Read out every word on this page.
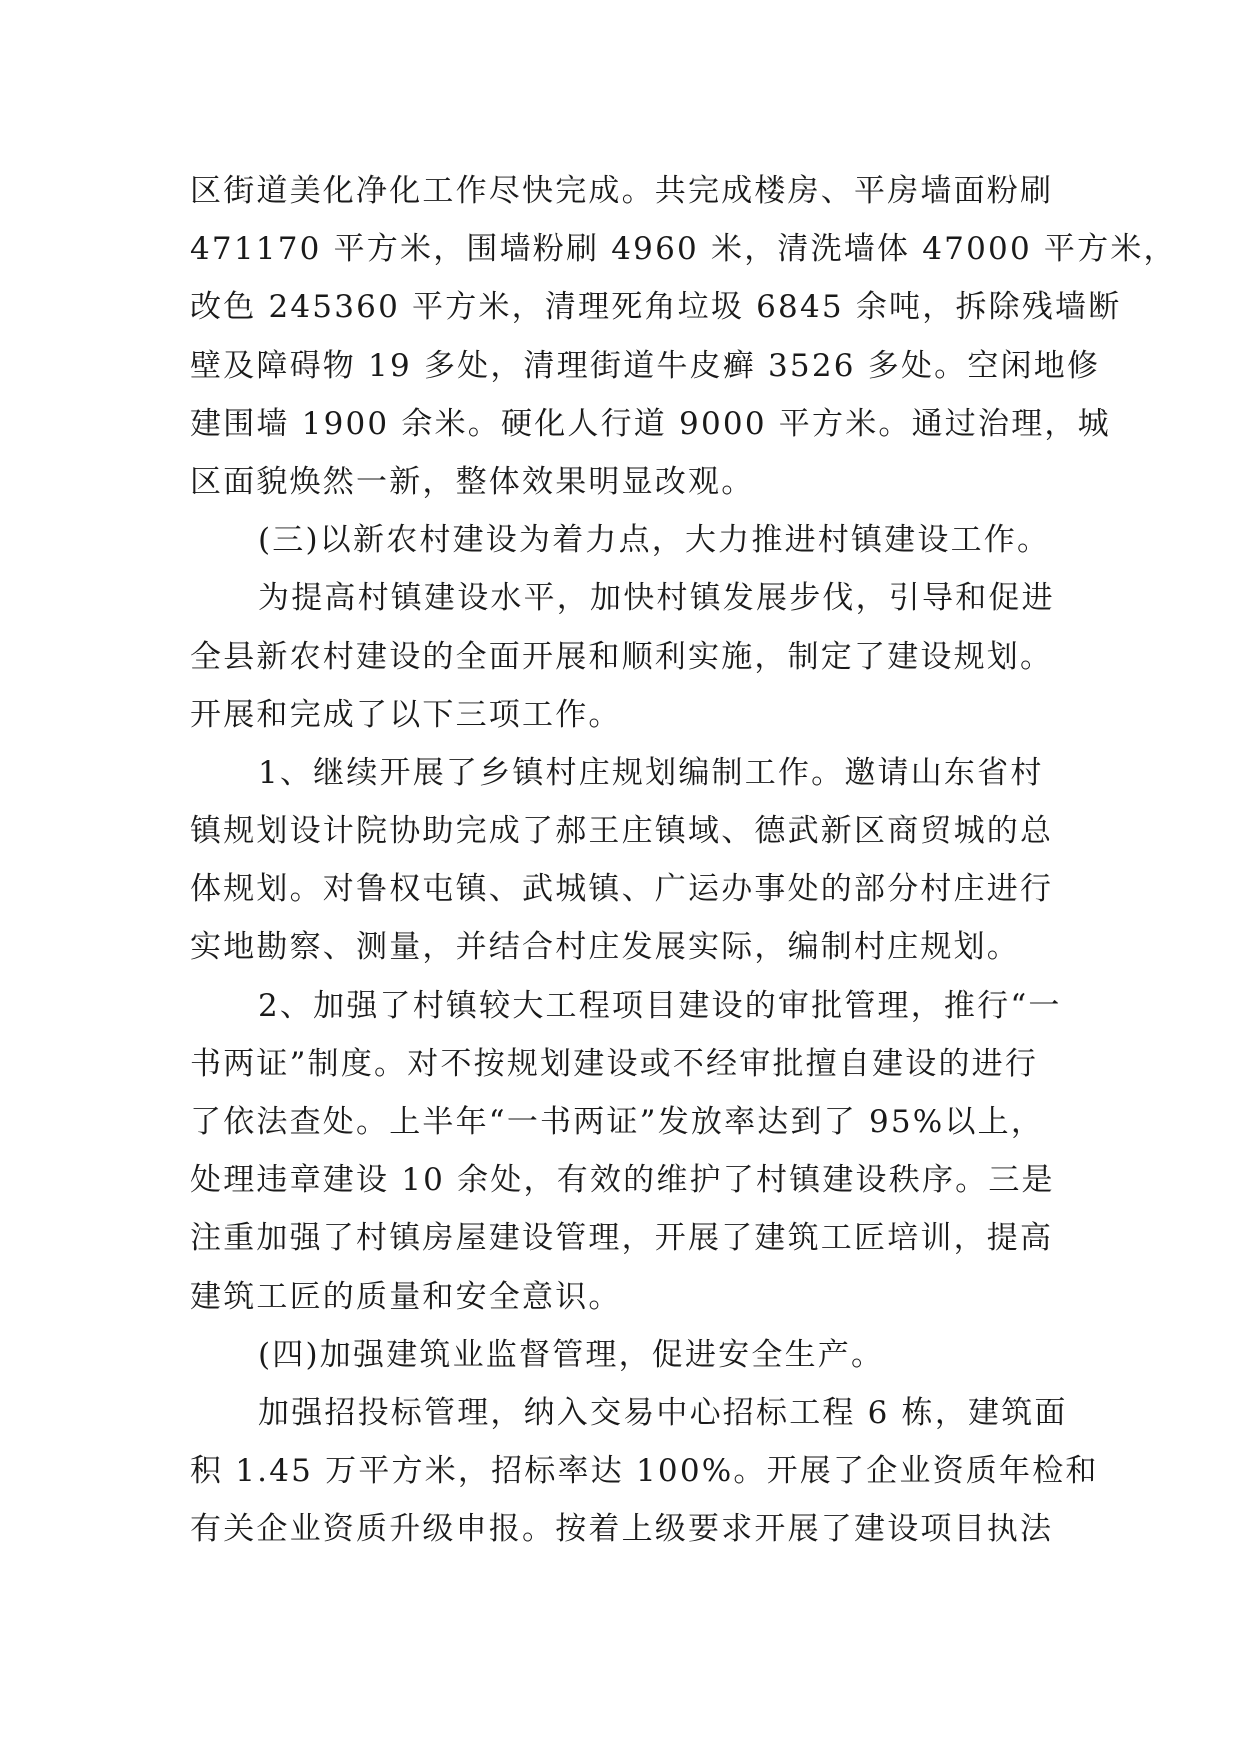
区街道美化净化工作尽快完成。共完成楼房、平房墙面粉刷
471170 平方米，围墙粉刷 4960 米，清洗墙体 47000 平方米，
改色 245360 平方米，清理死角垃圾 6845 余吨，拆除残墙断
壁及障碍物 19 多处，清理街道牛皮癣 3526 多处。空闲地修
建围墙 1900 余米。硬化人行道 9000 平方米。通过治理，城
区面貌焕然一新，整体效果明显改观。
(三)以新农村建设为着力点，大力推进村镇建设工作。
为提高村镇建设水平，加快村镇发展步伐，引导和促进
全县新农村建设的全面开展和顺利实施，制定了建设规划。
开展和完成了以下三项工作。
1、继续开展了乡镇村庄规划编制工作。邀请山东省村
镇规划设计院协助完成了郝王庄镇域、德武新区商贸城的总
体规划。对鲁权屯镇、武城镇、广运办事处的部分村庄进行
实地勘察、测量，并结合村庄发展实际，编制村庄规划。
2、加强了村镇较大工程项目建设的审批管理，推行“一
书两证”制度。对不按规划建设或不经审批擅自建设的进行
了依法查处。上半年“一书两证”发放率达到了 95%以上，
处理违章建设 10 余处，有效的维护了村镇建设秩序。三是
注重加强了村镇房屋建设管理，开展了建筑工匠培训，提高
建筑工匠的质量和安全意识。
(四)加强建筑业监督管理，促进安全生产。
加强招投标管理，纳入交易中心招标工程 6 栋，建筑面
积 1.45 万平方米，招标率达 100%。开展了企业资质年检和
有关企业资质升级申报。按着上级要求开展了建设项目执法
